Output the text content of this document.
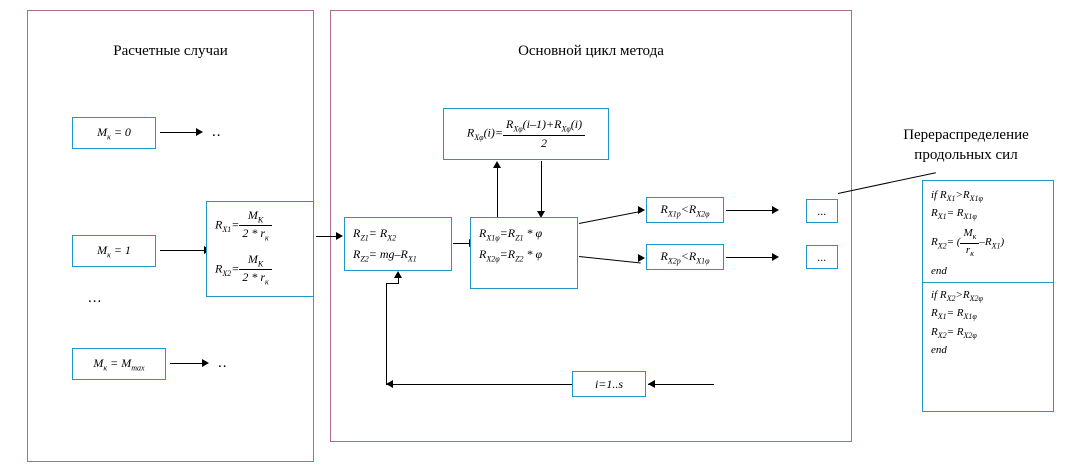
Расчетные случаи	Основной цикл метода
Перераспределение
продольных сил
$M_к = 0$
$M_к = 1$
$M_к = M_{max}$
...
..
..
$R_{Х1}= \frac{M_К}{2 * r_к}$
$R_{Х2}= \frac{M_К}{2 * r_к}$
$R_{Z1}= R_{Х2}$
$R_{Z2}= mg-R_{Х1}$
$R_{Х\varphi}(i)= \frac{R_{Х\varphi}(i-1)+R_{Х\varphi}(i)}{2}$
$R_{Х1\varphi}=R_{Z1} * \varphi$
$R_{Х2\varphi}=R_{Z2} * \varphi$
$R_{Х1р}<R_{Х2\varphi}$
$R_{Х2р}<R_{Х1\varphi}$
...
...
i=1..s
if $R_{Х1}>R_{Х1\varphi}$
$R_{Х1}= R_{Х1\varphi}$
$R_{Х2}=$ ( $\frac{M_к}{r_к} -R_{Х1}$)
end
if $R_{Х2}>R_{Х2\varphi}$
$R_{Х1}= R_{Х1\varphi}$
$R_{Х2}= R_{Х2\varphi}$
end
